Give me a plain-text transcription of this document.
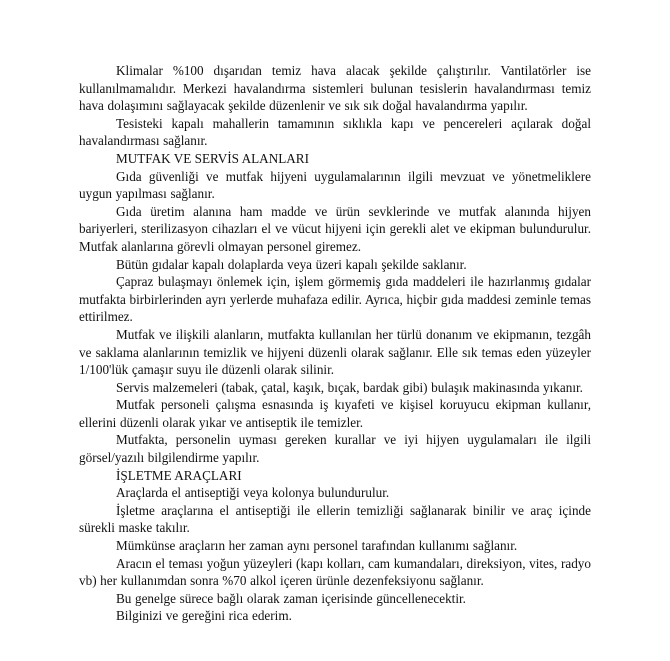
Klimalar %100 dışarıdan temiz hava alacak şekilde çalıştırılır. Vantilatörler ise kullanılmamalıdır. Merkezi havalandırma sistemleri bulunan tesislerin havalandırması temiz hava dolaşımını sağlayacak şekilde düzenlenir ve sık sık doğal havalandırma yapılır.

Tesisteki kapalı mahallerin tamamının sıklıkla kapı ve pencereleri açılarak doğal havalandırması sağlanır.

MUTFAK VE SERVİS ALANLARI

Gıda güvenliği ve mutfak hijyeni uygulamalarının ilgili mevzuat ve yönetmeliklere uygun yapılması sağlanır.

Gıda üretim alanına ham madde ve ürün sevklerinde ve mutfak alanında hijyen bariyerleri, sterilizasyon cihazları el ve vücut hijyeni için gerekli alet ve ekipman bulundurulur. Mutfak alanlarına görevli olmayan personel giremez.

Bütün gıdalar kapalı dolaplarda veya üzeri kapalı şekilde saklanır.

Çapraz bulaşmayı önlemek için, işlem görmemiş gıda maddeleri ile hazırlanmış gıdalar mutfakta birbirlerinden ayrı yerlerde muhafaza edilir. Ayrıca, hiçbir gıda maddesi zeminle temas ettirilmez.

Mutfak ve ilişkili alanların, mutfakta kullanılan her türlü donanım ve ekipmanın, tezgâh ve saklama alanlarının temizlik ve hijyeni düzenli olarak sağlanır. Elle sık temas eden yüzeyler 1/100'lük çamaşır suyu ile düzenli olarak silinir.

Servis malzemeleri (tabak, çatal, kaşık, bıçak, bardak gibi) bulaşık makinasında yıkanır.

Mutfak personeli çalışma esnasında iş kıyafeti ve kişisel koruyucu ekipman kullanır, ellerini düzenli olarak yıkar ve antiseptik ile temizler.

Mutfakta, personelin uyması gereken kurallar ve iyi hijyen uygulamaları ile ilgili görsel/yazılı bilgilendirme yapılır.

İŞLETME ARAÇLARI

Araçlarda el antiseptiği veya kolonya bulundurulur.

İşletme araçlarına el antiseptiği ile ellerin temizliği sağlanarak binilir ve araç içinde sürekli maske takılır.

Mümkünse araçların her zaman aynı personel tarafından kullanımı sağlanır.

Aracın el teması yoğun yüzeyleri (kapı kolları, cam kumandaları, direksiyon, vites, radyo vb) her kullanımdan sonra %70 alkol içeren ürünle dezenfeksiyonu sağlanır.

Bu genelge sürece bağlı olarak zaman içerisinde güncellenecektir.

Bilginizi ve gereğini rica ederim.
